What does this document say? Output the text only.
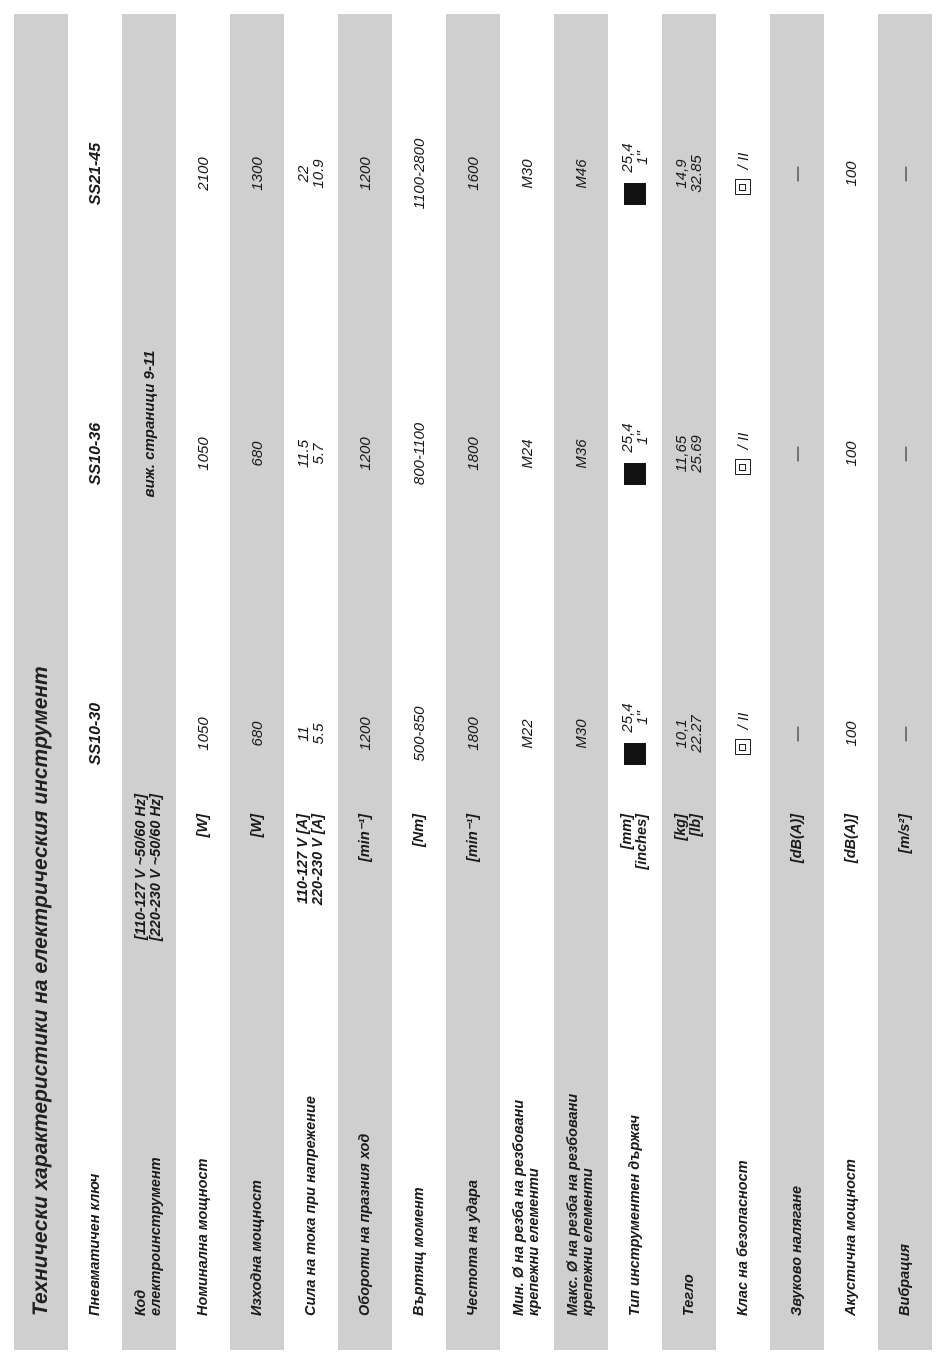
Технически характеристики на електрическия инструмент	Пневматичен ключ
SS10-30
SS10-36
SS21-45
Код електроинструмент
[110-127 V ~50/60 Hz] [220-230 V ~50/60 Hz]
виж. страници 9-11
Номинална мощност
[W]
1050
1050
2100
Изходна мощност
[W]
680
680
1300
Сила на тока при напрежение
110-127 V [A] 220-230 V [A]
11
5.5
11.5
5.7
22
10.9
Обороти на празния ход
[min⁻¹]
1200
1200
1200
Въртящ момент
[Nm]
500-850
800-1100
1100-2800
Честота на удара
[min⁻¹]
1800
1800
1600
Мин. Ø на резба на резбовани крепежни елементи
M22
M24
M30
Макс. Ø на резба на резбовани крепежни елементи
M30
M36
M46
Тип инструментен държач
[mm] [inches]
25,4
1"
25,4
1"
25,4
1"
Тегло
[kg] [lb]
10,1
22.27
11,65
25.69
14,9
32.85
Клас на безопасност
/ II
/ II
/ II
Звуково налягане
[dB(A)]
—
—
—
Акустична мощност
[dB(A)]
100
100
100
Вибрация
[m/s²]
—
—
—
